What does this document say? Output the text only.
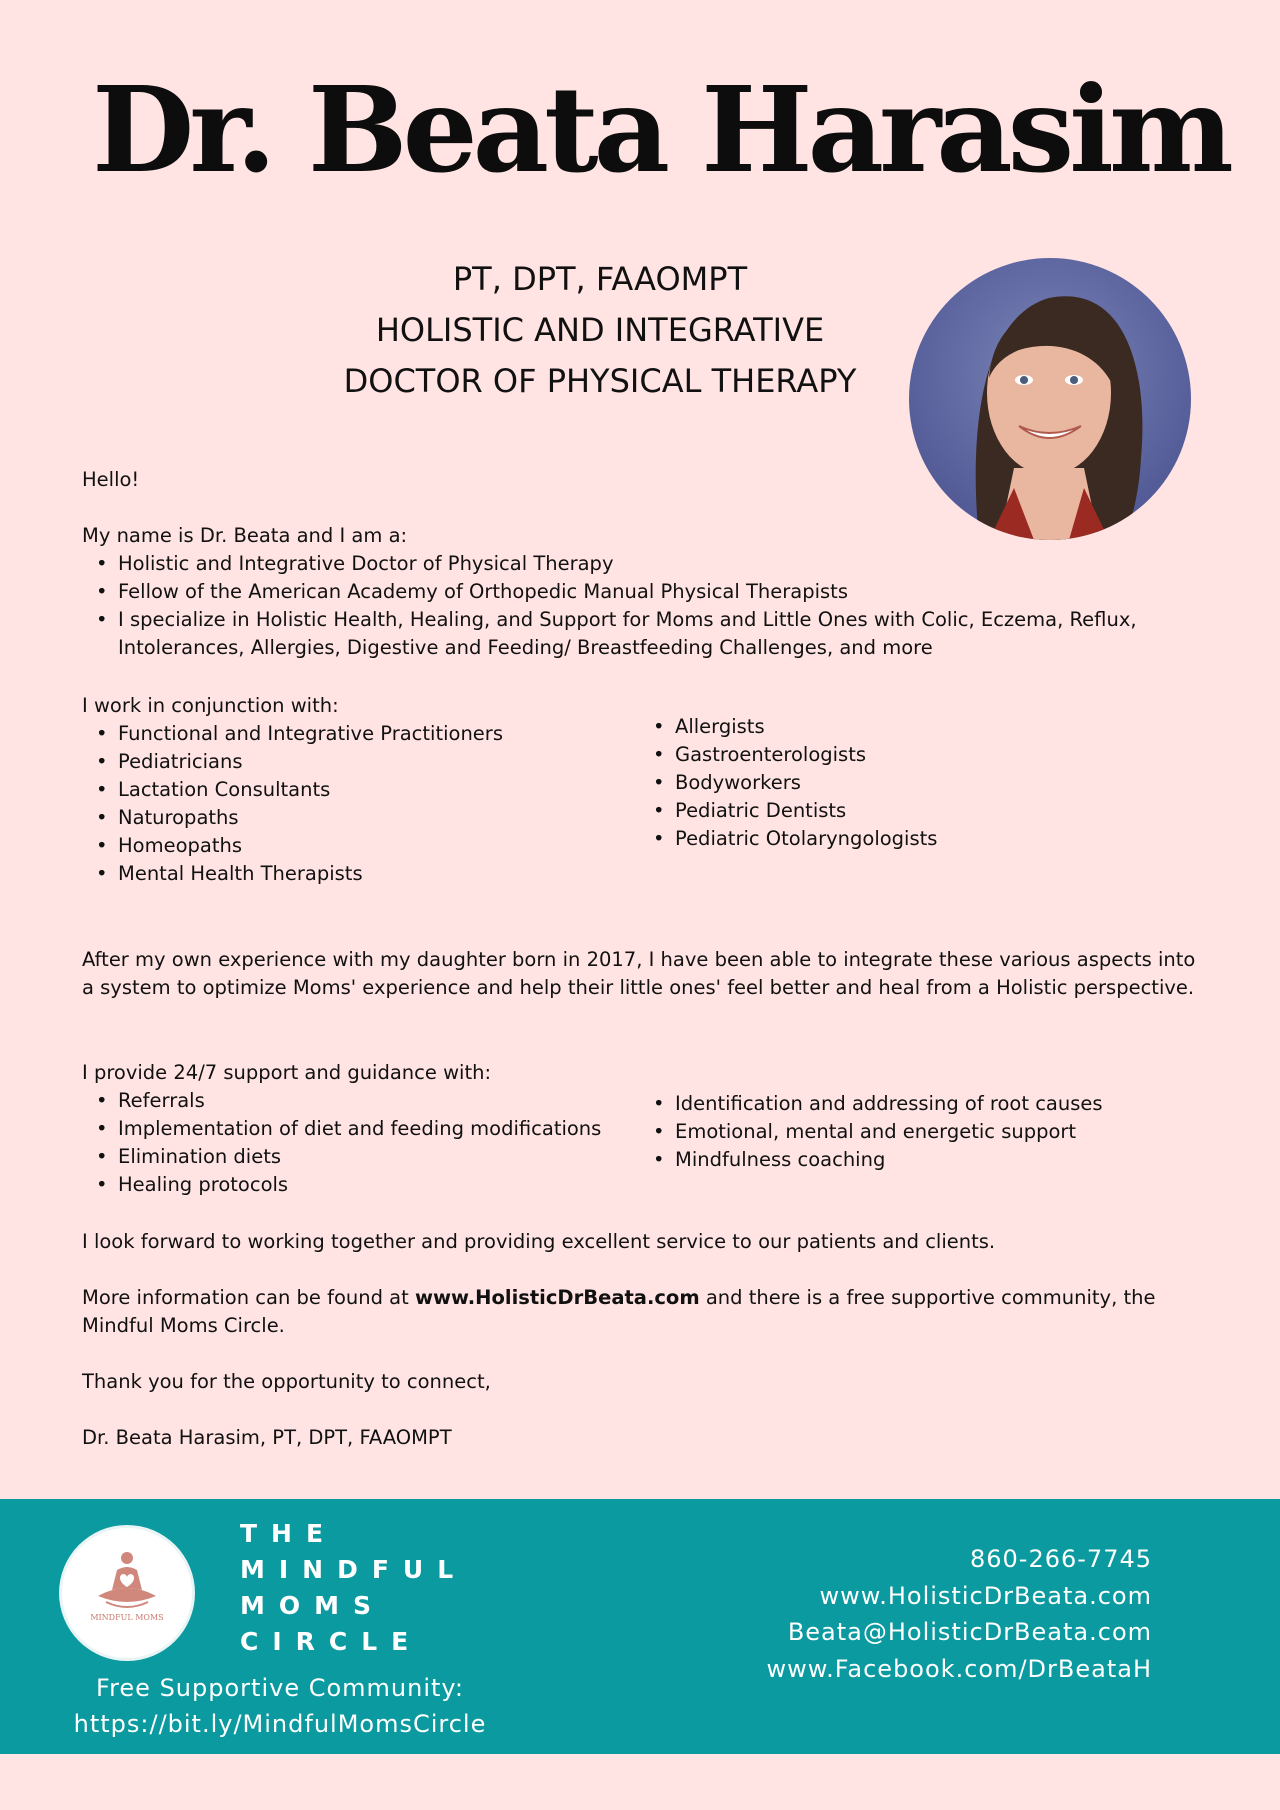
Dr. Beata Harasim
PT, DPT, FAAOMPT
HOLISTIC AND INTEGRATIVE
DOCTOR OF PHYSICAL THERAPY

Hello!

My name is Dr. Beata and I am a:

• Holistic and Integrative Doctor of Physical Therapy
• Fellow of the American Academy of Orthopedic Manual Physical Therapists
• I specialize in Holistic Health, Healing, and Support for Moms and Little Ones with Colic, Eczema, Reflux, Intolerances, Allergies, Digestive and Feeding/ Breastfeeding Challenges, and more

I work in conjunction with:

• Functional and Integrative Practitioners
• Pediatricians
• Lactation Consultants
• Naturopaths
• Homeopaths
• Mental Health Therapists
• Allergists
• Gastroenterologists
• Bodyworkers
• Pediatric Dentists
• Pediatric Otolaryngologists

After my own experience with my daughter born in 2017, I have been able to integrate these various aspects into a system to optimize Moms' experience and help their little ones' feel better and heal from a Holistic perspective.

I provide 24/7 support and guidance with:

• Referrals
• Implementation of diet and feeding modifications
• Elimination diets
• Healing protocols
• Identification and addressing of root causes
• Emotional, mental and energetic support
• Mindfulness coaching

I look forward to working together and providing excellent service to our patients and clients.

More information can be found at www.HolisticDrBeata.com and there is a free supportive community, the Mindful Moms Circle.

Thank you for the opportunity to connect,

Dr. Beata Harasim, PT, DPT, FAAOMPT

MINDFUL MOMS
THE
MINDFUL
MOMS
CIRCLE
Free Supportive Community:
https://bit.ly/MindfulMomsCircle
860-266-7745
www.HolisticDrBeata.com
Beata@HolisticDrBeata.com
www.Facebook.com/DrBeataH
